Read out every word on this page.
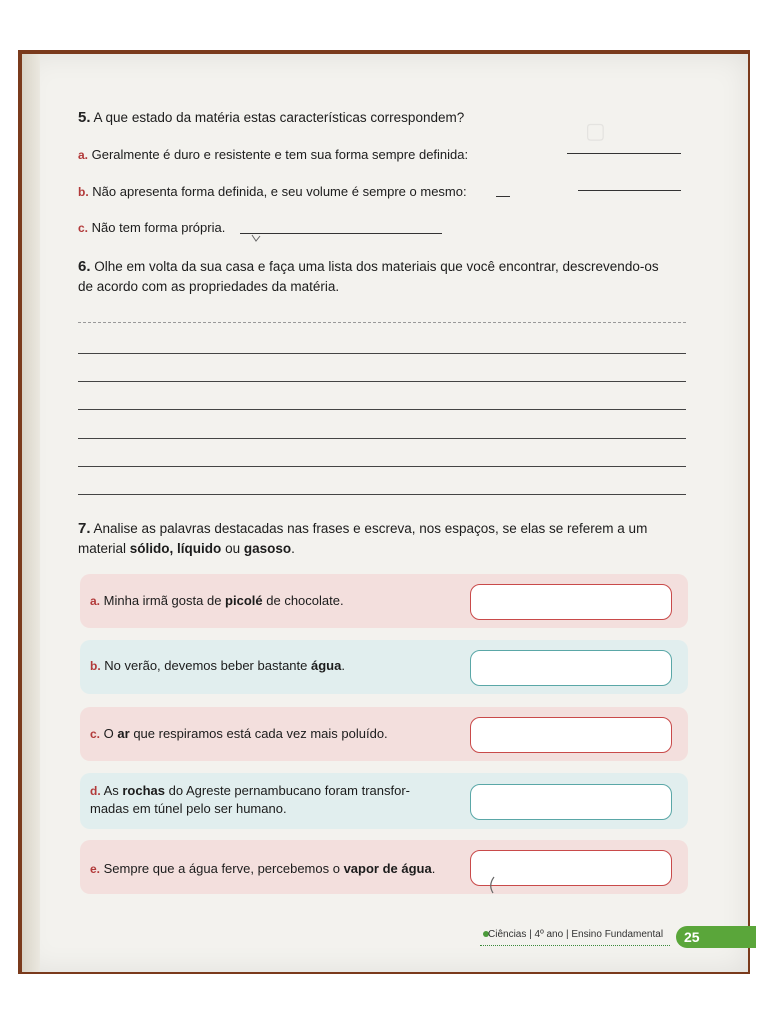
▢
5. A que estado da matéria estas características correspondem?
a. Geralmente é duro e resistente e tem sua forma sempre definida:
b. Não apresenta forma definida, e seu volume é sempre o mesmo:
c. Não tem forma própria.
6. Olhe em volta da sua casa e faça uma lista dos materiais que você encontrar, descrevendo-os
de acordo com as propriedades da matéria.
7. Analise as palavras destacadas nas frases e escreva, nos espaços, se elas se referem a um
material sólido, líquido ou gasoso.
a. Minha irmã gosta de picolé de chocolate.
b. No verão, devemos beber bastante água.
c. O ar que respiramos está cada vez mais poluído.
d. As rochas do Agreste pernambucano foram transfor-
madas em túnel pelo ser humano.
e. Sempre que a água ferve, percebemos o vapor de água.
Ciências | 4º ano | Ensino Fundamental	25
